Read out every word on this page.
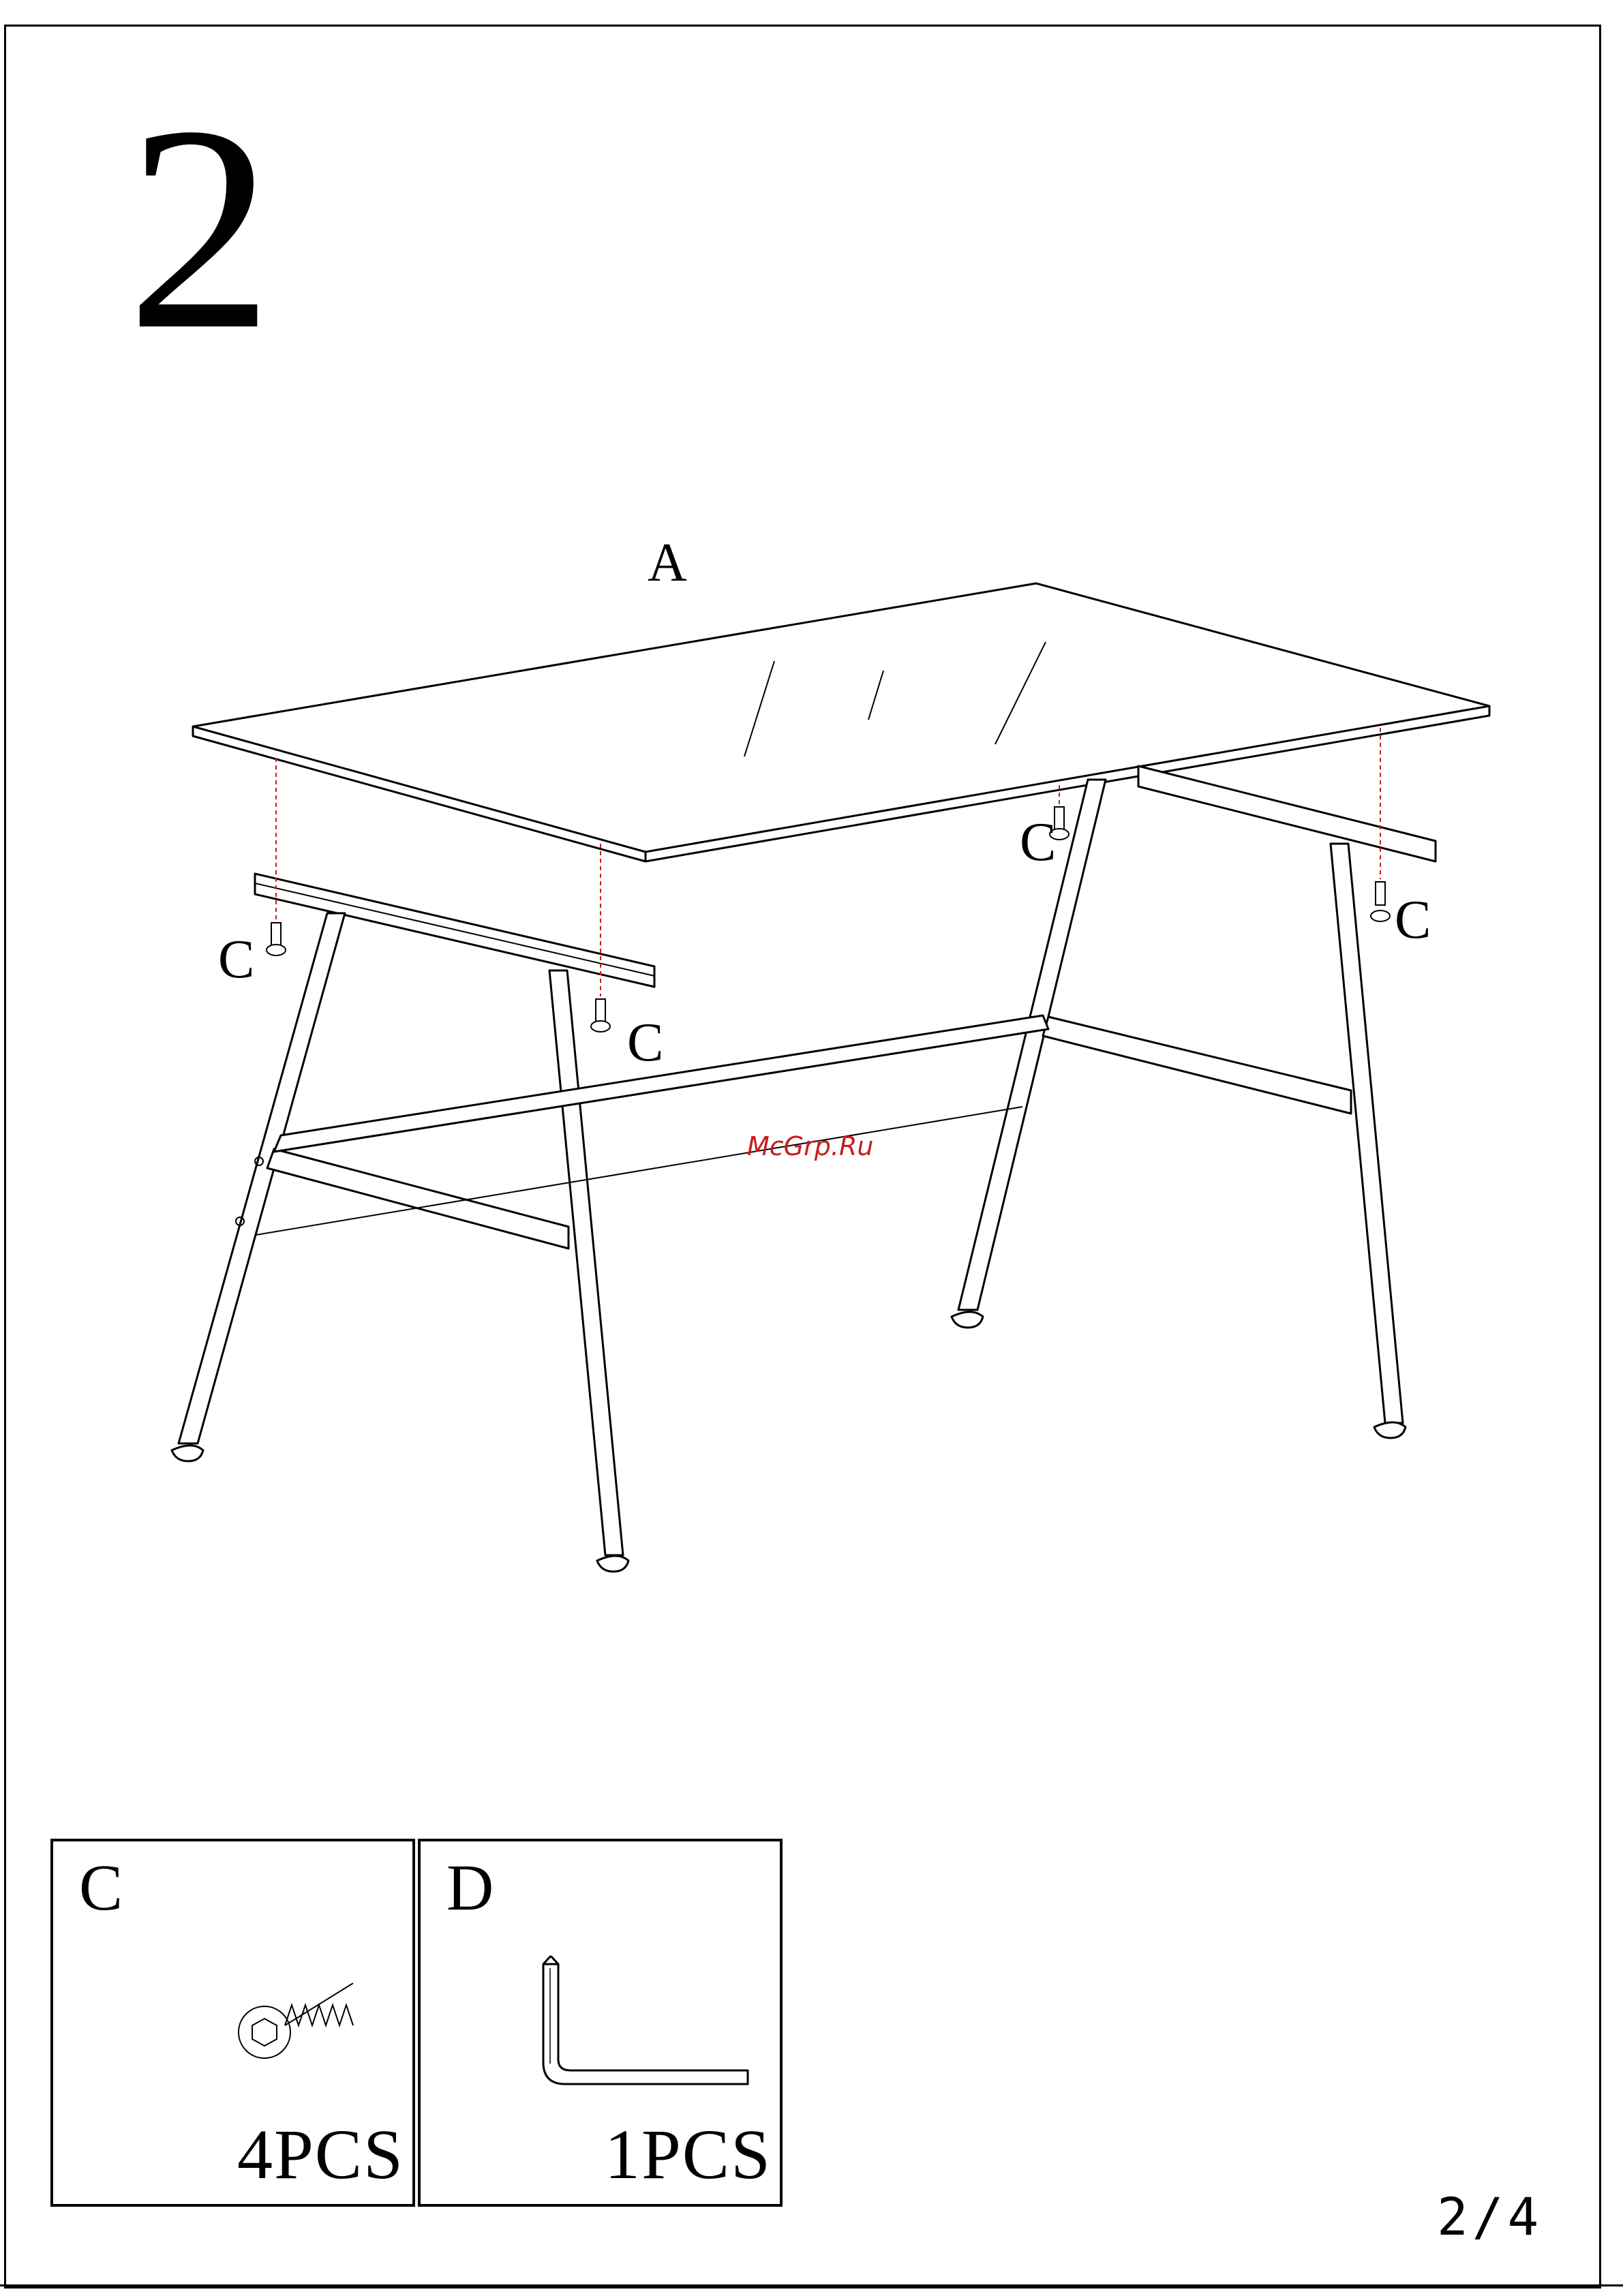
2
A
C
C
C
C
McGrp.Ru
C
4PCS
D
1PCS
2/4
